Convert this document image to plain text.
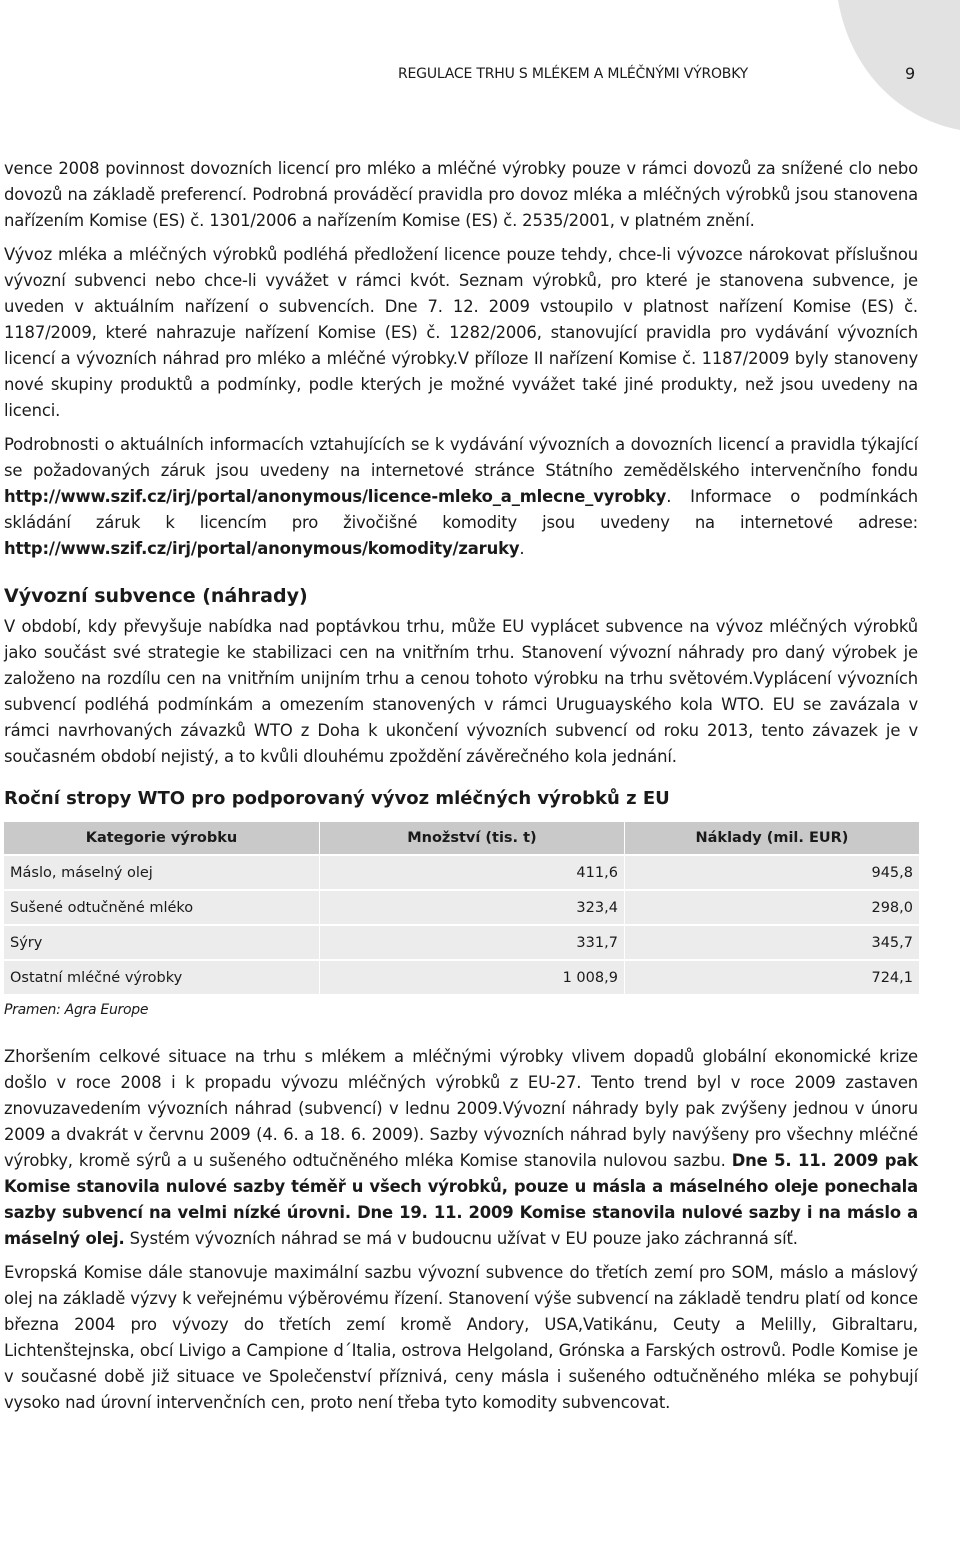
REGULACE TRHU S MLÉKEM A MLÉČNÝMI VÝROBKY	9

vence 2008 povinnost dovozních licencí pro mléko a mléčné výrobky pouze v rámci dovozů za snížené clo nebo dovozů na základě preferencí. Podrobná prováděcí pravidla pro dovoz mléka a mléčných výrobků jsou stanovena nařízením Komise (ES) č. 1301/2006 a nařízením Komise (ES) č. 2535/2001, v platném znění.

Vývoz mléka a mléčných výrobků podléhá předložení licence pouze tehdy, chce-li vývozce nárokovat příslušnou vývozní subvenci nebo chce-li vyvážet v rámci kvót. Seznam výrobků, pro které je stanovena subvence, je uveden v aktuálním nařízení o subvencích. Dne 7. 12. 2009 vstoupilo v platnost nařízení Komise (ES) č. 1187/2009, které nahrazuje nařízení Komise (ES) č. 1282/2006, stanovující pravidla pro vydávání vývozních licencí a vývozních náhrad pro mléko a mléčné výrobky.V příloze II nařízení Komise č. 1187/2009 byly stanoveny nové skupiny produktů a podmínky, podle kterých je možné vyvážet také jiné produkty, než jsou uvedeny na licenci.

Podrobnosti o aktuálních informacích vztahujících se k vydávání vývozních a dovozních licencí a pravidla týkající se požadovaných záruk jsou uvedeny na internetové stránce Státního zemědělského intervenčního fondu http://www.szif.cz/irj/portal/anonymous/licence-mleko_a_mlecne_vyrobky. Informace o podmínkách skládání záruk k licencím pro živočišné komodity jsou uvedeny na internetové adrese: http://www.szif.cz/irj/portal/anonymous/komodity/zaruky.

Vývozní subvence (náhrady)

V období, kdy převyšuje nabídka nad poptávkou trhu, může EU vyplácet subvence na vývoz mléčných výrobků jako součást své strategie ke stabilizaci cen na vnitřním trhu. Stanovení vývozní náhrady pro daný výrobek je založeno na rozdílu cen na vnitřním unijním trhu a cenou tohoto výrobku na trhu světovém.Vyplácení vývozních subvencí podléhá podmínkám a omezením stanovených v rámci Uruguayského kola WTO. EU se zavázala v rámci navrhovaných závazků WTO z Doha k ukončení vývozních subvencí od roku 2013, tento závazek je v současném období nejistý, a to kvůli dlouhému zpoždění závěrečného kola jednání.

Roční stropy WTO pro podporovaný vývoz mléčných výrobků z EU
Kategorie výrobku	Množství (tis. t)	Náklady (mil. EUR)
Máslo, máselný olej	411,6	945,8
Sušené odtučněné mléko	323,4	298,0
Sýry	331,7	345,7
Ostatní mléčné výrobky	1 008,9	724,1
Pramen: Agra Europe

Zhoršením celkové situace na trhu s mlékem a mléčnými výrobky vlivem dopadů globální ekonomické krize došlo v roce 2008 i k propadu vývozu mléčných výrobků z EU-27. Tento trend byl v roce 2009 zastaven znovuzavedením vývozních náhrad (subvencí) v lednu 2009.Vývozní náhrady byly pak zvýšeny jednou v únoru 2009 a dvakrát v červnu 2009 (4. 6. a 18. 6. 2009). Sazby vývozních náhrad byly navýšeny pro všechny mléčné výrobky, kromě sýrů a u sušeného odtučněného mléka Komise stanovila nulovou sazbu. Dne 5. 11. 2009 pak Komise stanovila nulové sazby téměř u všech výrobků, pouze u másla a máselného oleje ponechala sazby subvencí na velmi nízké úrovni. Dne 19. 11. 2009 Komise stanovila nulové sazby i na máslo a máselný olej. Systém vývozních náhrad se má v budoucnu užívat v EU pouze jako záchranná síť.

Evropská Komise dále stanovuje maximální sazbu vývozní subvence do třetích zemí pro SOM, máslo a máslový olej na základě výzvy k veřejnému výběrovému řízení. Stanovení výše subvencí na základě tendru platí od konce března 2004 pro vývozy do třetích zemí kromě Andory, USA,Vatikánu, Ceuty a Melilly, Gibraltaru, Lichtenštejnska, obcí Livigo a Campione d´Italia, ostrova Helgoland, Grónska a Farských ostrovů. Podle Komise je v současné době již situace ve Společenství příznivá, ceny másla i sušeného odtučněného mléka se pohybují vysoko nad úrovní intervenčních cen, proto není třeba tyto komodity subvencovat.
